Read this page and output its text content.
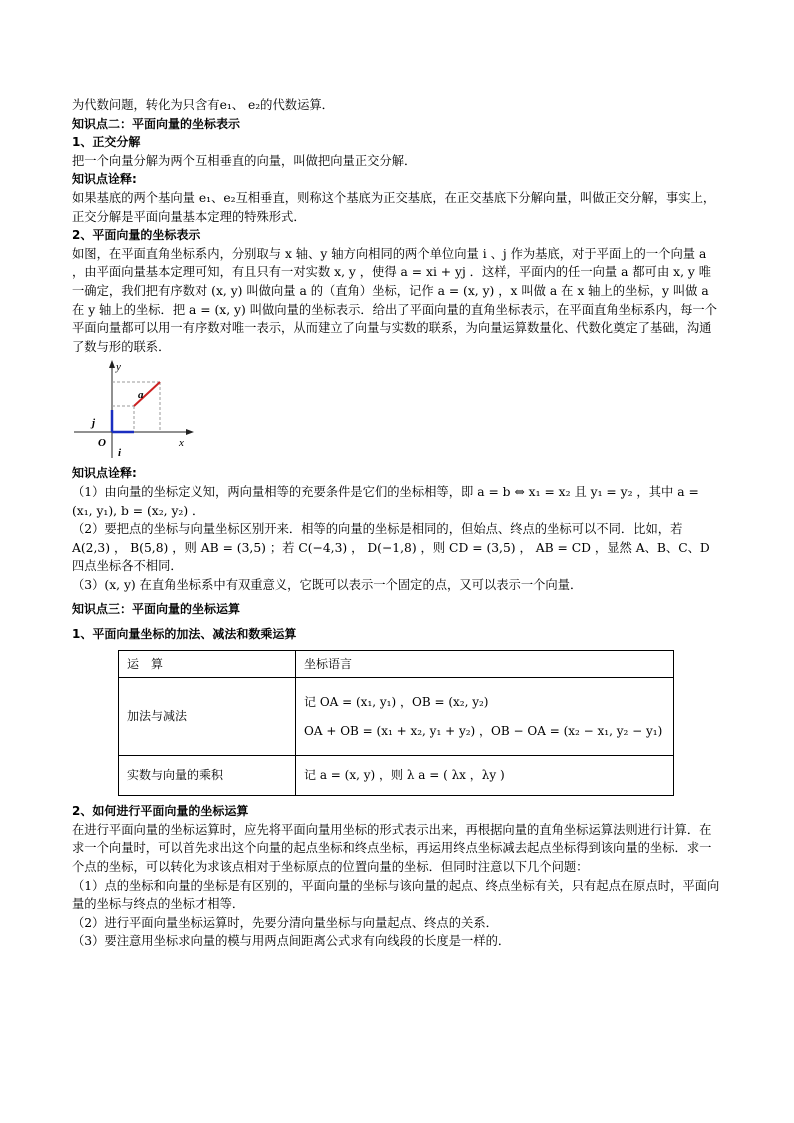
为代数问题，转化为只含有e₁、 e₂的代数运算．

知识点二：平面向量的坐标表示

1、正交分解

把一个向量分解为两个互相垂直的向量，叫做把向量正交分解．

知识点诠释:

如果基底的两个基向量 e₁、e₂互相垂直，则称这个基底为正交基底，在正交基底下分解向量，叫做正交分解，事实上，正交分解是平面向量基本定理的特殊形式．

2、平面向量的坐标表示

如图，在平面直角坐标系内，分别取与 x 轴、y 轴方向相同的两个单位向量 i 、j 作为基底，对于平面上的一个向量 a ，由平面向量基本定理可知，有且只有一对实数 x, y ，使得 a = xi + yj ．这样，平面内的任一向量 a 都可由 x, y 唯一确定，我们把有序数对 (x, y) 叫做向量 a 的（直角）坐标，记作 a = (x, y) ，x 叫做 a 在 x 轴上的坐标，y 叫做 a 在 y 轴上的坐标．把 a = (x, y) 叫做向量的坐标表示．给出了平面向量的直角坐标表示，在平面直角坐标系内，每一个平面向量都可以用一有序数对唯一表示，从而建立了向量与实数的联系，为向量运算数量化、代数化奠定了基础，沟通了数与形的联系．

y
x
O
a
i
j

知识点诠释:

（1）由向量的坐标定义知，两向量相等的充要条件是它们的坐标相等，即 a = b ⇔ x₁ = x₂ 且 y₁ = y₂ ，其中 a = (x₁, y₁), b = (x₂, y₂) ．

（2）要把点的坐标与向量坐标区别开来．相等的向量的坐标是相同的，但始点、终点的坐标可以不同．比如，若 A(2,3) ， B(5,8) ，则 AB = (3,5) ；若 C(−4,3) ， D(−1,8) ，则 CD = (3,5) ， AB = CD ，显然 A、B、C、D 四点坐标各不相同．

（3）(x, y) 在直角坐标系中有双重意义，它既可以表示一个固定的点，又可以表示一个向量．

知识点三：平面向量的坐标运算

1、平面向量坐标的加法、减法和数乘运算

运　算	坐标语言
加法与减法	记 OA = (x₁, y₁) ，OB = (x₂, y₂)
OA + OB = (x₁ + x₂, y₁ + y₂) ，OB − OA = (x₂ − x₁, y₂ − y₁)

实数与向量的乘积	记 a = (x, y) ，则 λ a = ( λx ，λy )

2、如何进行平面向量的坐标运算

在进行平面向量的坐标运算时，应先将平面向量用坐标的形式表示出来，再根据向量的直角坐标运算法则进行计算．在求一个向量时，可以首先求出这个向量的起点坐标和终点坐标，再运用终点坐标减去起点坐标得到该向量的坐标．求一个点的坐标，可以转化为求该点相对于坐标原点的位置向量的坐标．但同时注意以下几个问题：

（1）点的坐标和向量的坐标是有区别的，平面向量的坐标与该向量的起点、终点坐标有关，只有起点在原点时，平面向量的坐标与终点的坐标才相等．

（2）进行平面向量坐标运算时，先要分清向量坐标与向量起点、终点的关系．

（3）要注意用坐标求向量的模与用两点间距离公式求有向线段的长度是一样的．
